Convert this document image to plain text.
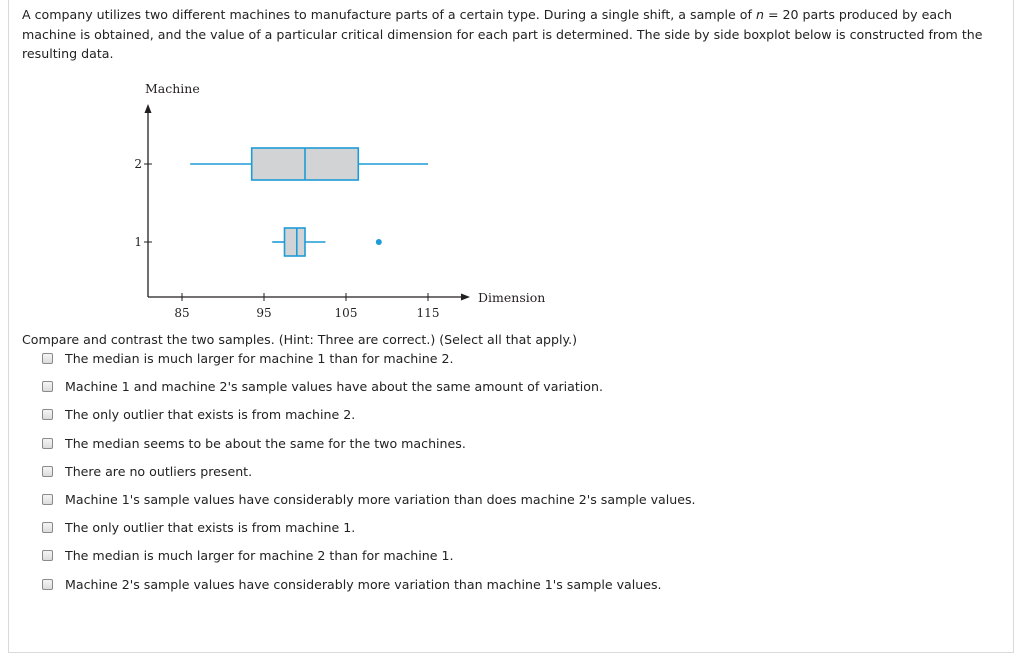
A company utilizes two different machines to manufacture parts of a certain type. During a single shift, a sample of n = 20 parts produced by each machine is obtained, and the value of a particular critical dimension for each part is determined. The side by side boxplot below is constructed from the resulting data.
85	95	105	115
1
2
Machine
Dimension
Compare and contrast the two samples. (Hint: Three are correct.) (Select all that apply.)
The median is much larger for machine 1 than for machine 2.
Machine 1 and machine 2's sample values have about the same amount of variation.
The only outlier that exists is from machine 2.
The median seems to be about the same for the two machines.
There are no outliers present.
Machine 1's sample values have considerably more variation than does machine 2's sample values.
The only outlier that exists is from machine 1.
The median is much larger for machine 2 than for machine 1.
Machine 2's sample values have considerably more variation than machine 1's sample values.
